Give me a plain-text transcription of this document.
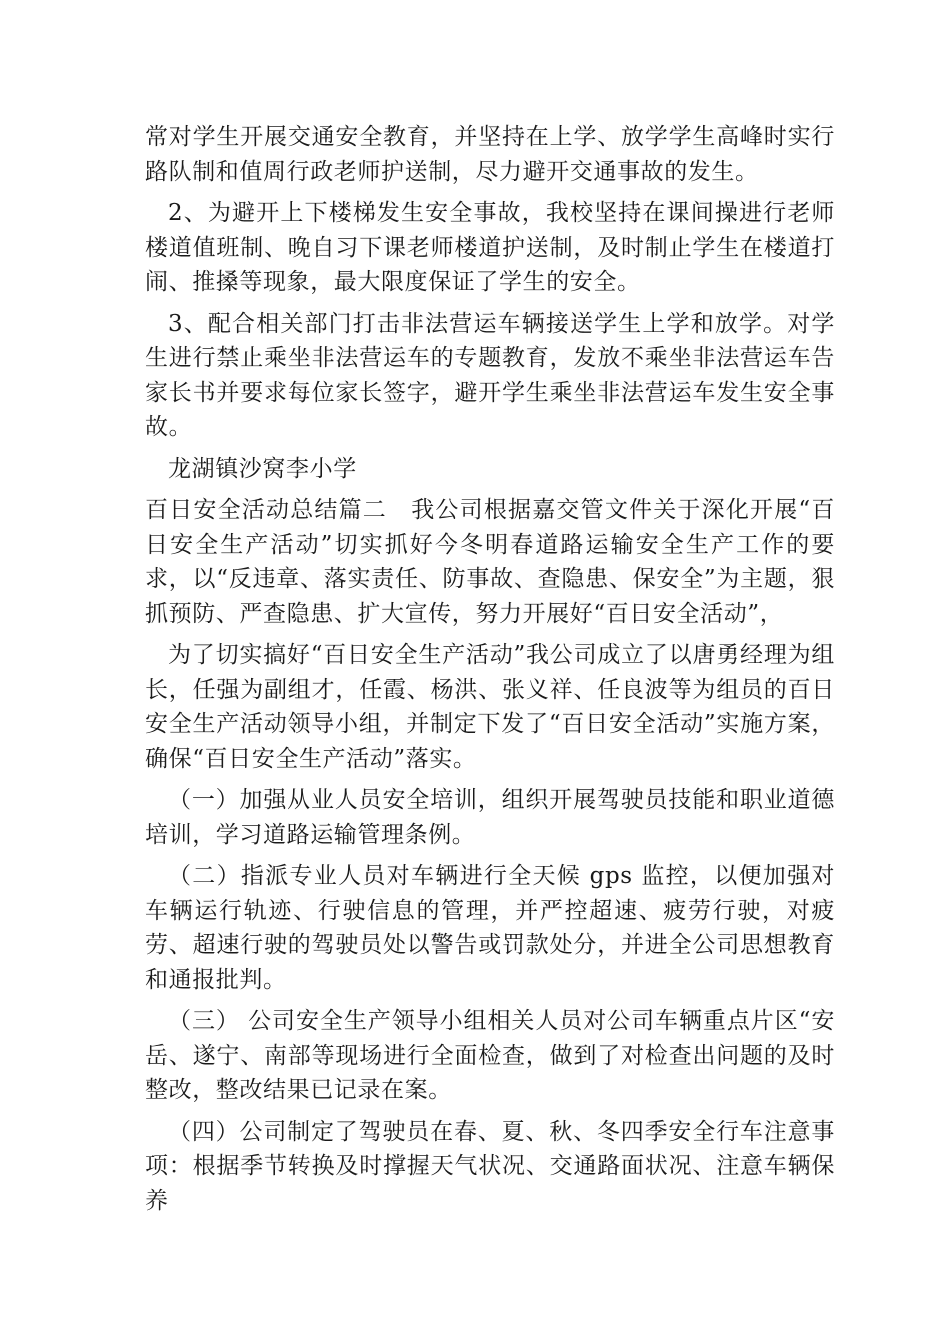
常对学生开展交通安全教育，并坚持在上学、放学学生高峰时实行路队制和值周行政老师护送制，尽力避开交通事故的发生。

2、为避开上下楼梯发生安全事故，我校坚持在课间操进行老师楼道值班制、晚自习下课老师楼道护送制，及时制止学生在楼道打闹、推搡等现象，最大限度保证了学生的安全。

3、配合相关部门打击非法营运车辆接送学生上学和放学。对学生进行禁止乘坐非法营运车的专题教育，发放不乘坐非法营运车告家长书并要求每位家长签字，避开学生乘坐非法营运车发生安全事故。

龙湖镇沙窝李小学

百日安全活动总结篇二　我公司根据嘉交管文件关于深化开展“百日安全生产活动”切实抓好今冬明春道路运输安全生产工作的要求，以“反违章、落实责任、防事故、查隐患、保安全”为主题，狠抓预防、严查隐患、扩大宣传，努力开展好“百日安全活动”，

为了切实搞好“百日安全生产活动”我公司成立了以唐勇经理为组长，任强为副组才，任霞、杨洪、张义祥、任良波等为组员的百日安全生产活动领导小组，并制定下发了“百日安全活动”实施方案，确保“百日安全生产活动”落实。

（一）加强从业人员安全培训，组织开展驾驶员技能和职业道德培训，学习道路运输管理条例。

（二）指派专业人员对车辆进行全天候 gps 监控，以便加强对车辆运行轨迹、行驶信息的管理，并严控超速、疲劳行驶，对疲劳、超速行驶的驾驶员处以警告或罚款处分，并进全公司思想教育和通报批判。

（三） 公司安全生产领导小组相关人员对公司车辆重点片区“安岳、遂宁、南部等现场进行全面检查，做到了对检查出问题的及时整改，整改结果已记录在案。

（四）公司制定了驾驶员在春、夏、秋、冬四季安全行车注意事项：根据季节转换及时撑握天气状况、交通路面状况、注意车辆保养
